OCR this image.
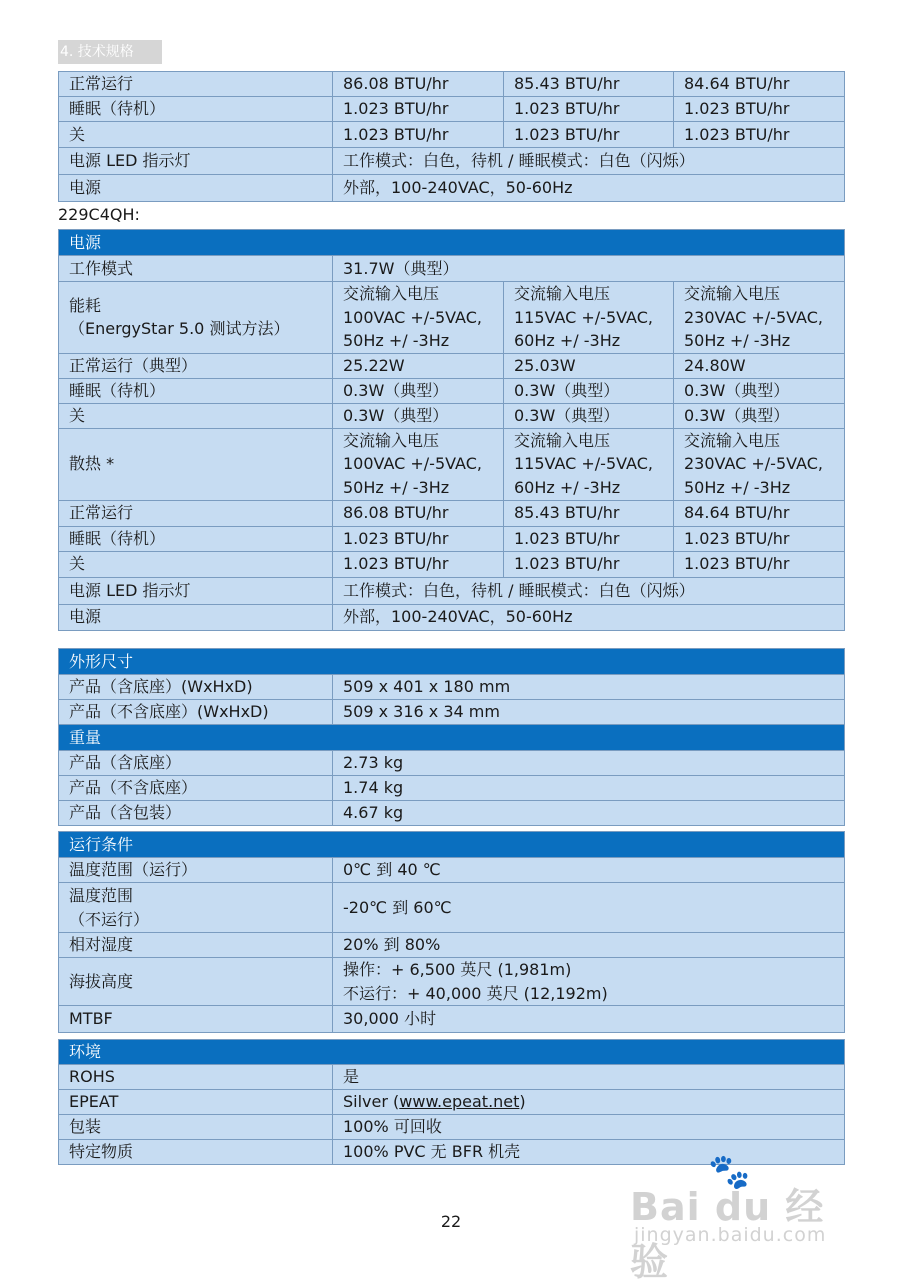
4. 技术规格
正常运行	86.08 BTU/hr	85.43 BTU/hr	84.64 BTU/hr
睡眠（待机）	1.023 BTU/hr	1.023 BTU/hr	1.023 BTU/hr
关	1.023 BTU/hr	1.023 BTU/hr	1.023 BTU/hr
电源 LED 指示灯	工作模式：白色，待机 / 睡眠模式：白色（闪烁）		
电源	外部，100-240VAC，50-60Hz		
229C4QH:
电源			
工作模式	31.7W（典型）		

能耗
（EnergyStar 5.0 测试方法）	交流输入电压
100VAC +/-5VAC,
50Hz +/ -3Hz	交流输入电压
115VAC +/-5VAC,
60Hz +/ -3Hz	交流输入电压
230VAC +/-5VAC,
50Hz +/ -3Hz

正常运行（典型）	25.22W	25.03W	24.80W
睡眠（待机）	0.3W（典型）	0.3W（典型）	0.3W（典型）
关	0.3W（典型）	0.3W（典型）	0.3W（典型）
散热 *	交流输入电压
100VAC +/-5VAC,
50Hz +/ -3Hz	交流输入电压
115VAC +/-5VAC,
60Hz +/ -3Hz	交流输入电压
230VAC +/-5VAC,
50Hz +/ -3Hz

正常运行	86.08 BTU/hr	85.43 BTU/hr	84.64 BTU/hr
睡眠（待机）	1.023 BTU/hr	1.023 BTU/hr	1.023 BTU/hr
关	1.023 BTU/hr	1.023 BTU/hr	1.023 BTU/hr
电源 LED 指示灯	工作模式：白色，待机 / 睡眠模式：白色（闪烁）		
电源	外部，100-240VAC，50-60Hz		
外形尺寸	
产品（含底座）(WxHxD)	509 x 401 x 180 mm
产品（不含底座）(WxHxD)	509 x 316 x 34 mm
重量	
产品（含底座）	2.73 kg
产品（不含底座）	1.74 kg
产品（含包装）	4.67 kg
运行条件	
温度范围（运行）	0℃ 到 40 ℃

温度范围
（不运行）	-20℃ 到 60℃
相对湿度	20% 到 80%
海拔高度	操作：+ 6,500 英尺 (1,981m)
不运行：+ 40,000 英尺 (12,192m)

MTBF	30,000 小时
环境	
ROHS	是
EPEAT	Silver (www.epeat.net)
包装	100% 可回收
特定物质	100% PVC 无 BFR 机壳
🐾
Bai du 经验
jingyan.baidu.com
22
